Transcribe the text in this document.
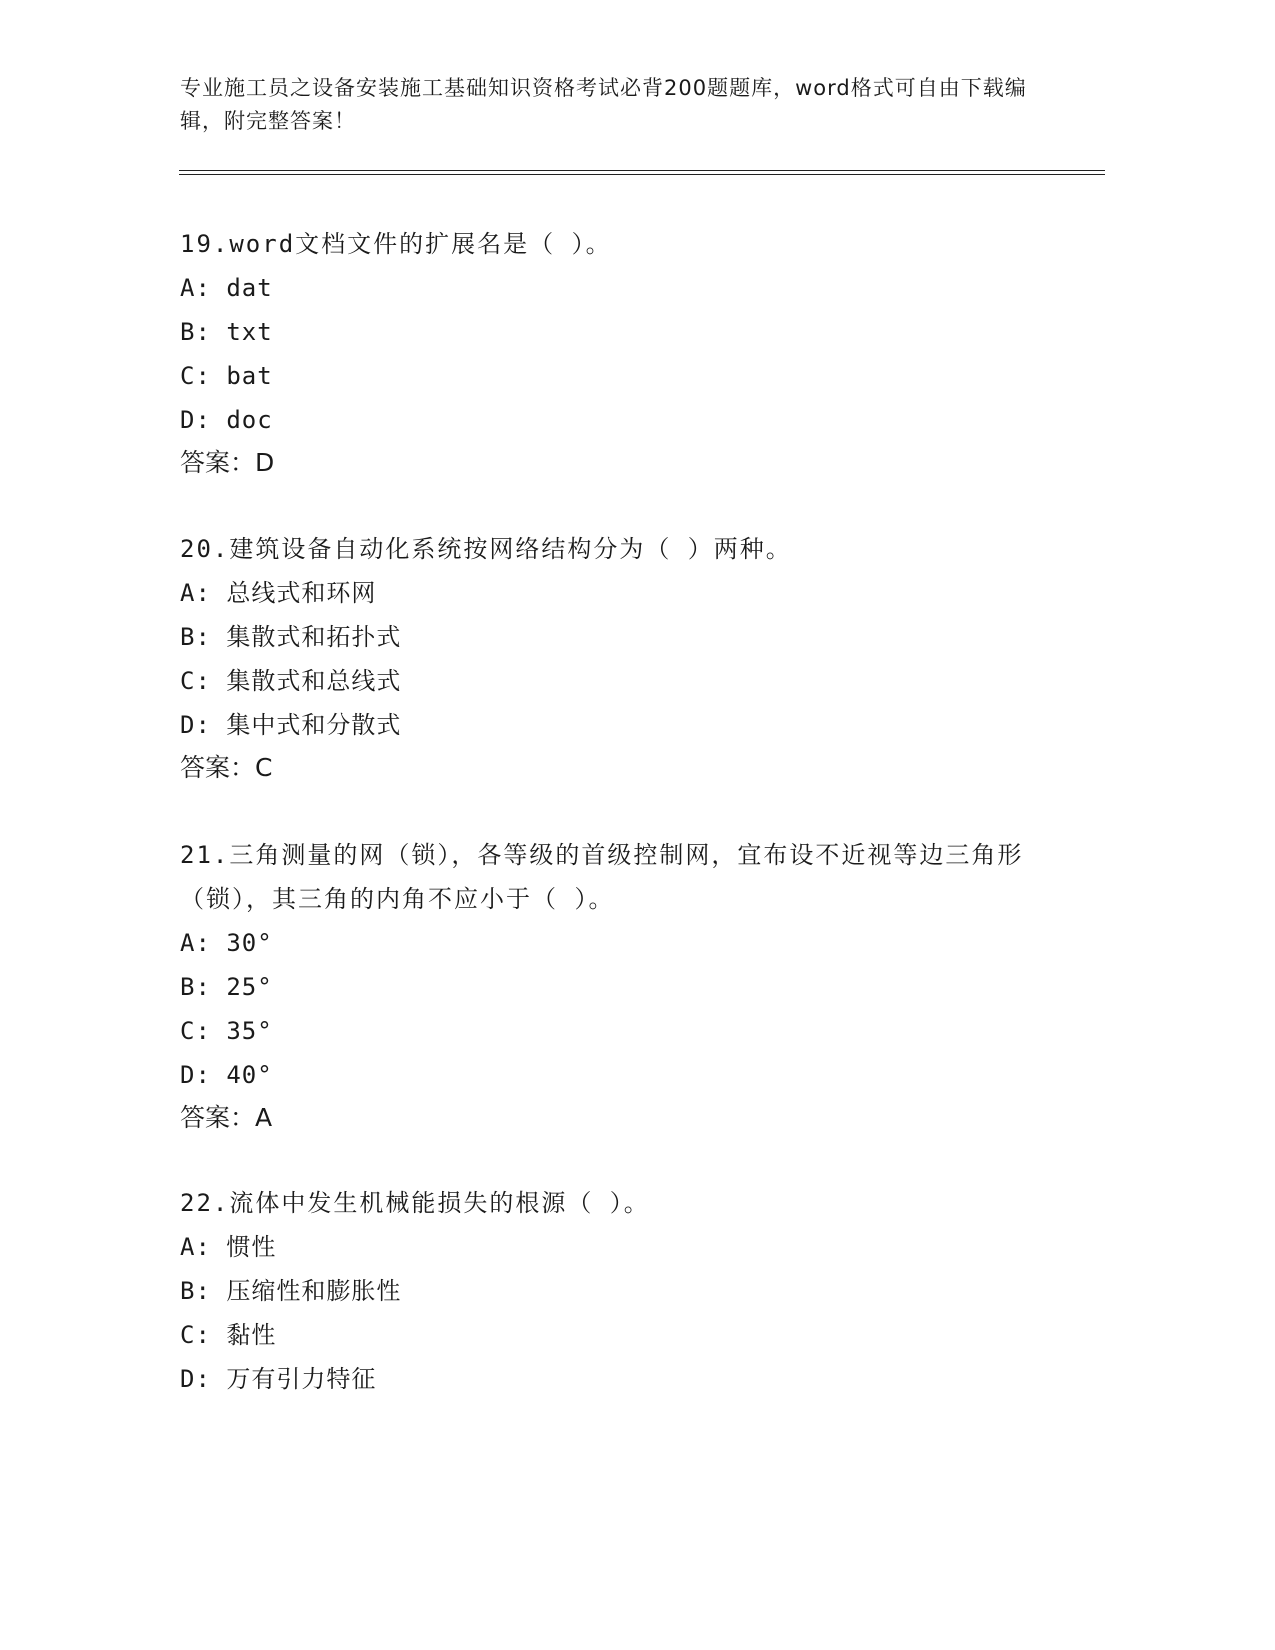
专业施工员之设备安装施工基础知识资格考试必背200题题库，word格式可自由下载编辑，附完整答案！

19.word文档文件的扩展名是（ ）。

A: dat

B: txt

C: bat

D: doc

答案：D

20.建筑设备自动化系统按网络结构分为（ ）两种。

A: 总线式和环网

B: 集散式和拓扑式

C: 集散式和总线式

D: 集中式和分散式

答案：C

21.三角测量的网（锁），各等级的首级控制网，宜布设不近视等边三角形（锁），其三角的内角不应小于（ ）。

A: 30°

B: 25°

C: 35°

D: 40°

答案：A

22.流体中发生机械能损失的根源（ ）。

A: 惯性

B: 压缩性和膨胀性

C: 黏性

D: 万有引力特征
